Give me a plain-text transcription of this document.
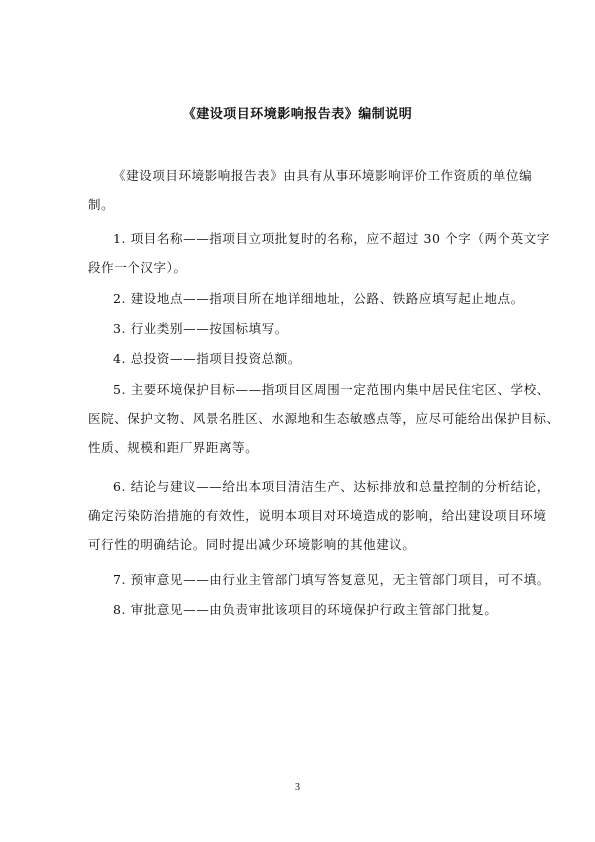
《建设项目环境影响报告表》编制说明
《建设项目环境影响报告表》由具有从事环境影响评价工作资质的单位编
制。
1. 项目名称——指项目立项批复时的名称，应不超过 30 个字（两个英文字
段作一个汉字）。
2. 建设地点——指项目所在地详细地址，公路、铁路应填写起止地点。
3. 行业类别——按国标填写。
4. 总投资——指项目投资总额。
5. 主要环境保护目标——指项目区周围一定范围内集中居民住宅区、学校、
医院、保护文物、风景名胜区、水源地和生态敏感点等，应尽可能给出保护目标、
性质、规模和距厂界距离等。
6. 结论与建议——给出本项目清洁生产、达标排放和总量控制的分析结论，
确定污染防治措施的有效性，说明本项目对环境造成的影响，给出建设项目环境
可行性的明确结论。同时提出减少环境影响的其他建议。
7. 预审意见——由行业主管部门填写答复意见，无主管部门项目，可不填。
8. 审批意见——由负责审批该项目的环境保护行政主管部门批复。
3
